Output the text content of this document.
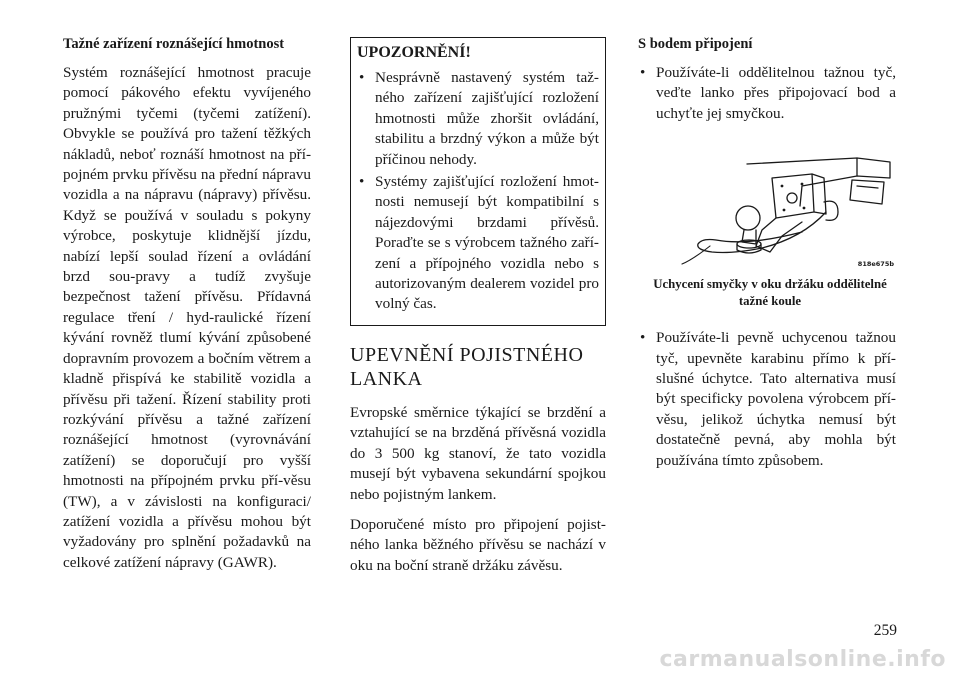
Tažné zařízení roznášející hmotnost

Systém roznášející hmotnost pracuje pomocí pákového efektu vyvíjeného pružnými tyčemi (tyčemi zatížení). Obvykle se používá pro tažení těžkých nákladů, neboť roznáší hmotnost na pří-pojném prvku přívěsu na přední nápravu vozidla a na nápravu (nápravy) přívěsu. Když se používá v souladu s pokyny výrobce, poskytuje klidnější jízdu, nabízí lepší soulad řízení a ovládání brzd sou-pravy a tudíž zvyšuje bezpečnost tažení přívěsu. Přídavná regulace tření / hyd-raulické řízení kývání rovněž tlumí kývání způsobené dopravním provozem a bočním větrem a kladně přispívá ke stabilitě vozidla a přívěsu při tažení. Řízení stability proti rozkývání přívěsu a tažné zařízení roznášející hmotnost (vyrovnávání zatížení) se doporučují pro vyšší hmotnosti na přípojném prvku pří-věsu (TW), a v závislosti na konfiguraci/ zatížení vozidla a přívěsu mohou být vyžadovány pro splnění požadavků na celkové zatížení nápravy (GAWR).

UPOZORNĚNÍ!

• Nesprávně nastavený systém taž-ného zařízení zajišťující rozložení hmotnosti může zhoršit ovládání, stabilitu a brzdný výkon a může být příčinou nehody.
• Systémy zajišťující rozložení hmot-nosti nemusejí být kompatibilní s nájezdovými brzdami přívěsů. Poraďte se s výrobcem tažného zaří-zení a přípojného vozidla nebo s autorizovaným dealerem vozidel pro volný čas.
UPEVNĚNÍ POJISTNÉHO LANKA

Evropské směrnice týkající se brzdění a vztahující se na brzděná přívěsná vozidla do 3 500 kg stanoví, že tato vozidla musejí být vybavena sekundární spojkou nebo pojistným lankem.

Doporučené místo pro připojení pojist-ného lanka běžného přívěsu se nachází v oku na boční straně držáku závěsu.

S bodem připojení

• Používáte-li oddělitelnou tažnou tyč, veďte lanko přes připojovací bod a uchyťte jej smyčkou.
818e675b

Uchycení smyčky v oku držáku oddělitelné tažné koule

• Používáte-li pevně uchycenou tažnou tyč, upevněte karabinu přímo k pří-slušné úchytce. Tato alternativa musí být specificky povolena výrobcem pří-věsu, jelikož úchytka nemusí být dostatečně pevná, aby mohla být používána tímto způsobem.
259
carmanualsonline.info
